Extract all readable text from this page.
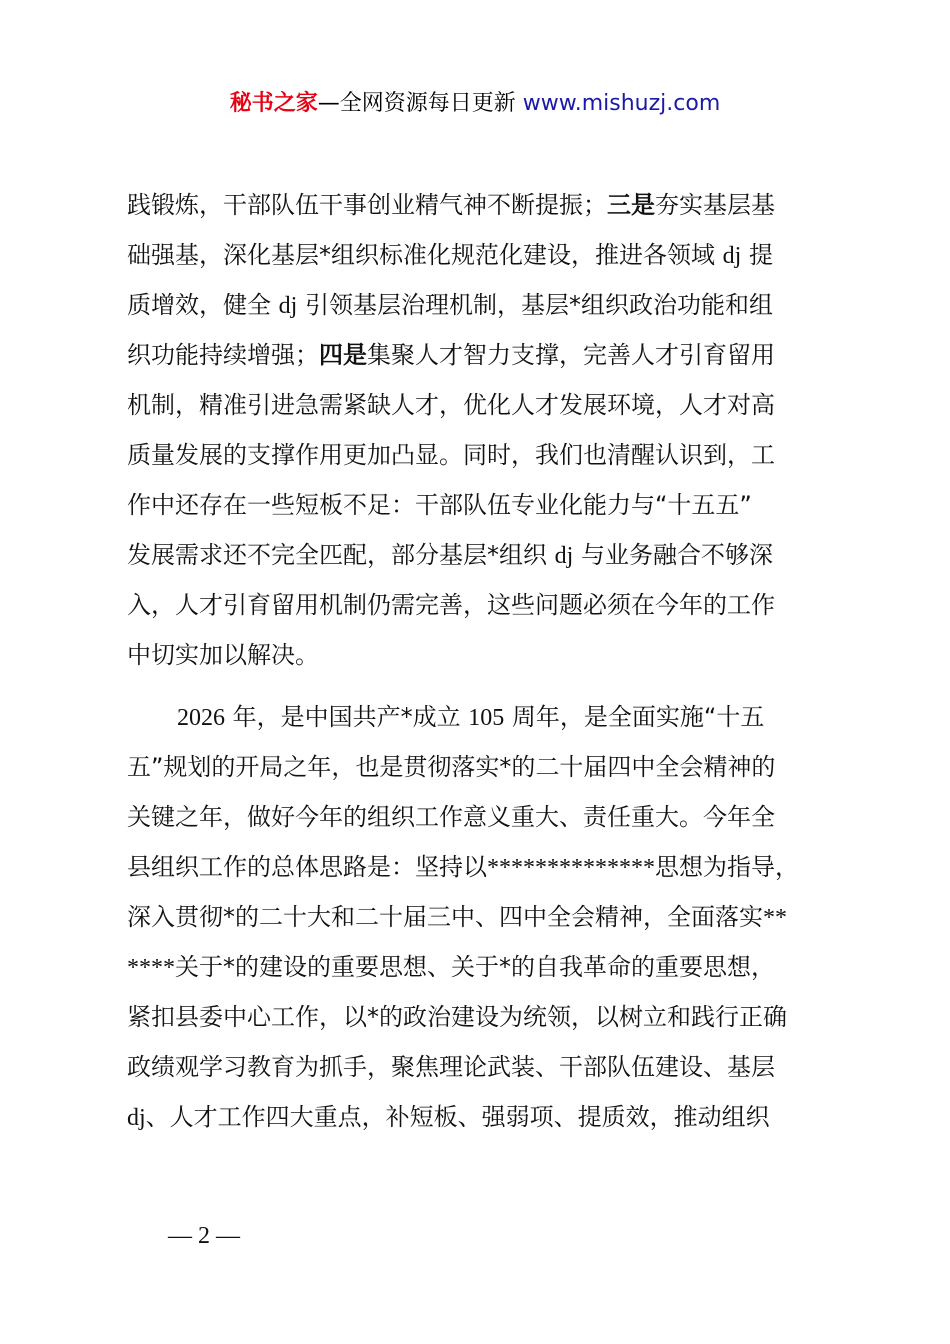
秘书之家—全网资源每日更新 www.mishuzj.com
践锻炼，干部队伍干事创业精气神不断提振；三是夯实基层基
础强基，深化基层*组织标准化规范化建设，推进各领域 dj 提
质增效，健全 dj 引领基层治理机制，基层*组织政治功能和组
织功能持续增强；四是集聚人才智力支撑，完善人才引育留用
机制，精准引进急需紧缺人才，优化人才发展环境，人才对高
质量发展的支撑作用更加凸显。同时，我们也清醒认识到，工
作中还存在一些短板不足：干部队伍专业化能力与“十五五”
发展需求还不完全匹配，部分基层*组织 dj 与业务融合不够深
入，人才引育留用机制仍需完善，这些问题必须在今年的工作
中切实加以解决。
2026 年，是中国共产*成立 105 周年，是全面实施“十五
五”规划的开局之年，也是贯彻落实*的二十届四中全会精神的
关键之年，做好今年的组织工作意义重大、责任重大。今年全
县组织工作的总体思路是：坚持以**************思想为指导，
深入贯彻*的二十大和二十届三中、四中全会精神，全面落实**
****关于*的建设的重要思想、关于*的自我革命的重要思想，
紧扣县委中心工作，以*的政治建设为统领，以树立和践行正确
政绩观学习教育为抓手，聚焦理论武装、干部队伍建设、基层
dj、人才工作四大重点，补短板、强弱项、提质效，推动组织
— 2 —
